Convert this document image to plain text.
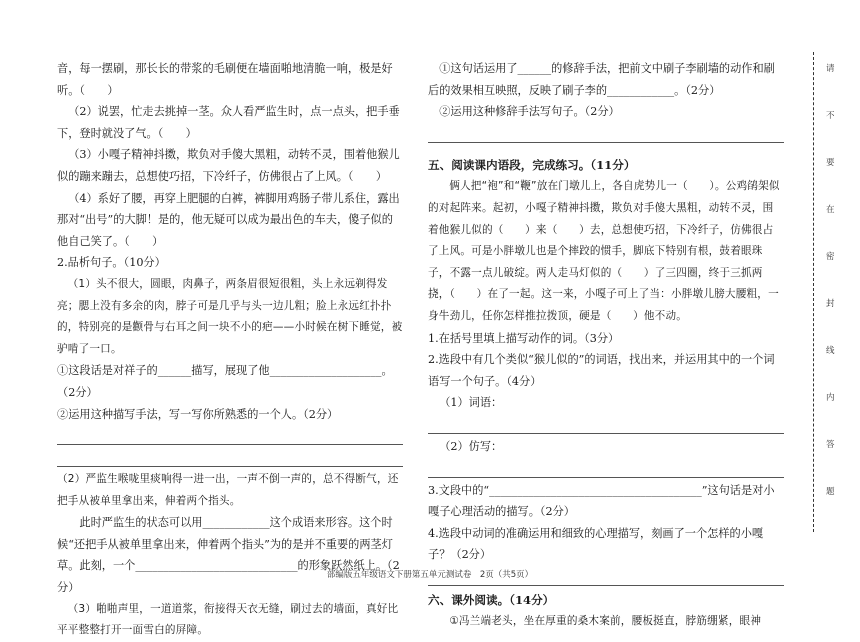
音，每一摆刷，那长长的带浆的毛刷便在墙面啪地清脆一响，极是好听。（　　）

（2）说罢，忙走去挑掉一茎。众人看严监生时，点一点头，把手垂下，登时就没了气。（　　）

（3）小嘎子精神抖擞，欺负对手傻大黑粗，动转不灵，围着他猴儿似的蹦来蹦去，总想使巧招，下冷纤子，仿佛很占了上风。（　　）

（4）系好了腰，再穿上肥腿的白裤，裤脚用鸡肠子带儿系住，露出那对“出号”的大脚！是的，他无疑可以成为最出色的车夫，傻子似的他自己笑了。（　　）

2.品析句子。（10分）

（1）头不很大，圆眼，肉鼻子，两条眉很短很粗，头上永远剃得发亮；腮上没有多余的肉，脖子可是几乎与头一边儿粗；脸上永远红扑扑的，特别亮的是颧骨与右耳之间一块不小的疤——小时候在树下睡觉，被驴啃了一口。

①这段话是对祥子的______描写，展现了他____________________。（2分）

②运用这种描写手法，写一写你所熟悉的一个人。（2分）

（2）严监生喉咙里痰响得一进一出，一声不倒一声的，总不得断气，还把手从被单里拿出来，伸着两个指头。

此时严监生的状态可以用____________这个成语来形容。这个时候“还把手从被单里拿出来，伸着两个指头”为的是并不重要的两茎灯草。此刻，一个_____________________________的形象跃然纸上。（2分）

（3）啪啪声里，一道道浆，衔接得天衣无缝，刷过去的墙面，真好比平平整整打开一面雪白的屏障。

①这句话运用了______的修辞手法，把前文中刷子李刷墙的动作和刷后的效果相互映照，反映了刷子李的____________。（2分）

②运用这种修辞手法写句子。（2分）

五、阅读课内语段，完成练习。（11分）

俩人把“袍”和“鞭”放在门墩儿上，各自虎势儿一（　　）。公鸡鹐架似的对起阵来。起初，小嘎子精神抖擞，欺负对手傻大黑粗，动转不灵，围着他猴儿似的（　　）来（　　）去，总想使巧招，下冷纤子，仿佛很占了上风。可是小胖墩儿也是个摔跤的惯手，脚底下特别有根，鼓着眼珠子，不露一点儿破绽。两人走马灯似的（　　）了三四圈，终于三抓两挠，（　　）在了一起。这一来，小嘎子可上了当：小胖墩儿膀大腰粗，一身牛劲儿，任你怎样推拉拨顶，硬是（　　）他不动。

1.在括号里填上描写动作的词。（3分）

2.选段中有几个类似“猴儿似的”的词语，找出来，并运用其中的一个词语写一个句子。（4分）

（1）词语：

（2）仿写：

3.文段中的“______________________________________”这句话是对小嘎子心理活动的描写。（2分）

4.选段中动词的准确运用和细致的心理描写，刻画了一个怎样的小嘎子？（2分）

六、课外阅读。（14分）

①冯兰端老头，坐在厚重的桑木案前，腰板挺直，脖筋绷紧，眼神

请
不
要
在
密
封
线
内
答
题
部编版五年级语文下册第五单元测试卷　2页（共5页）
